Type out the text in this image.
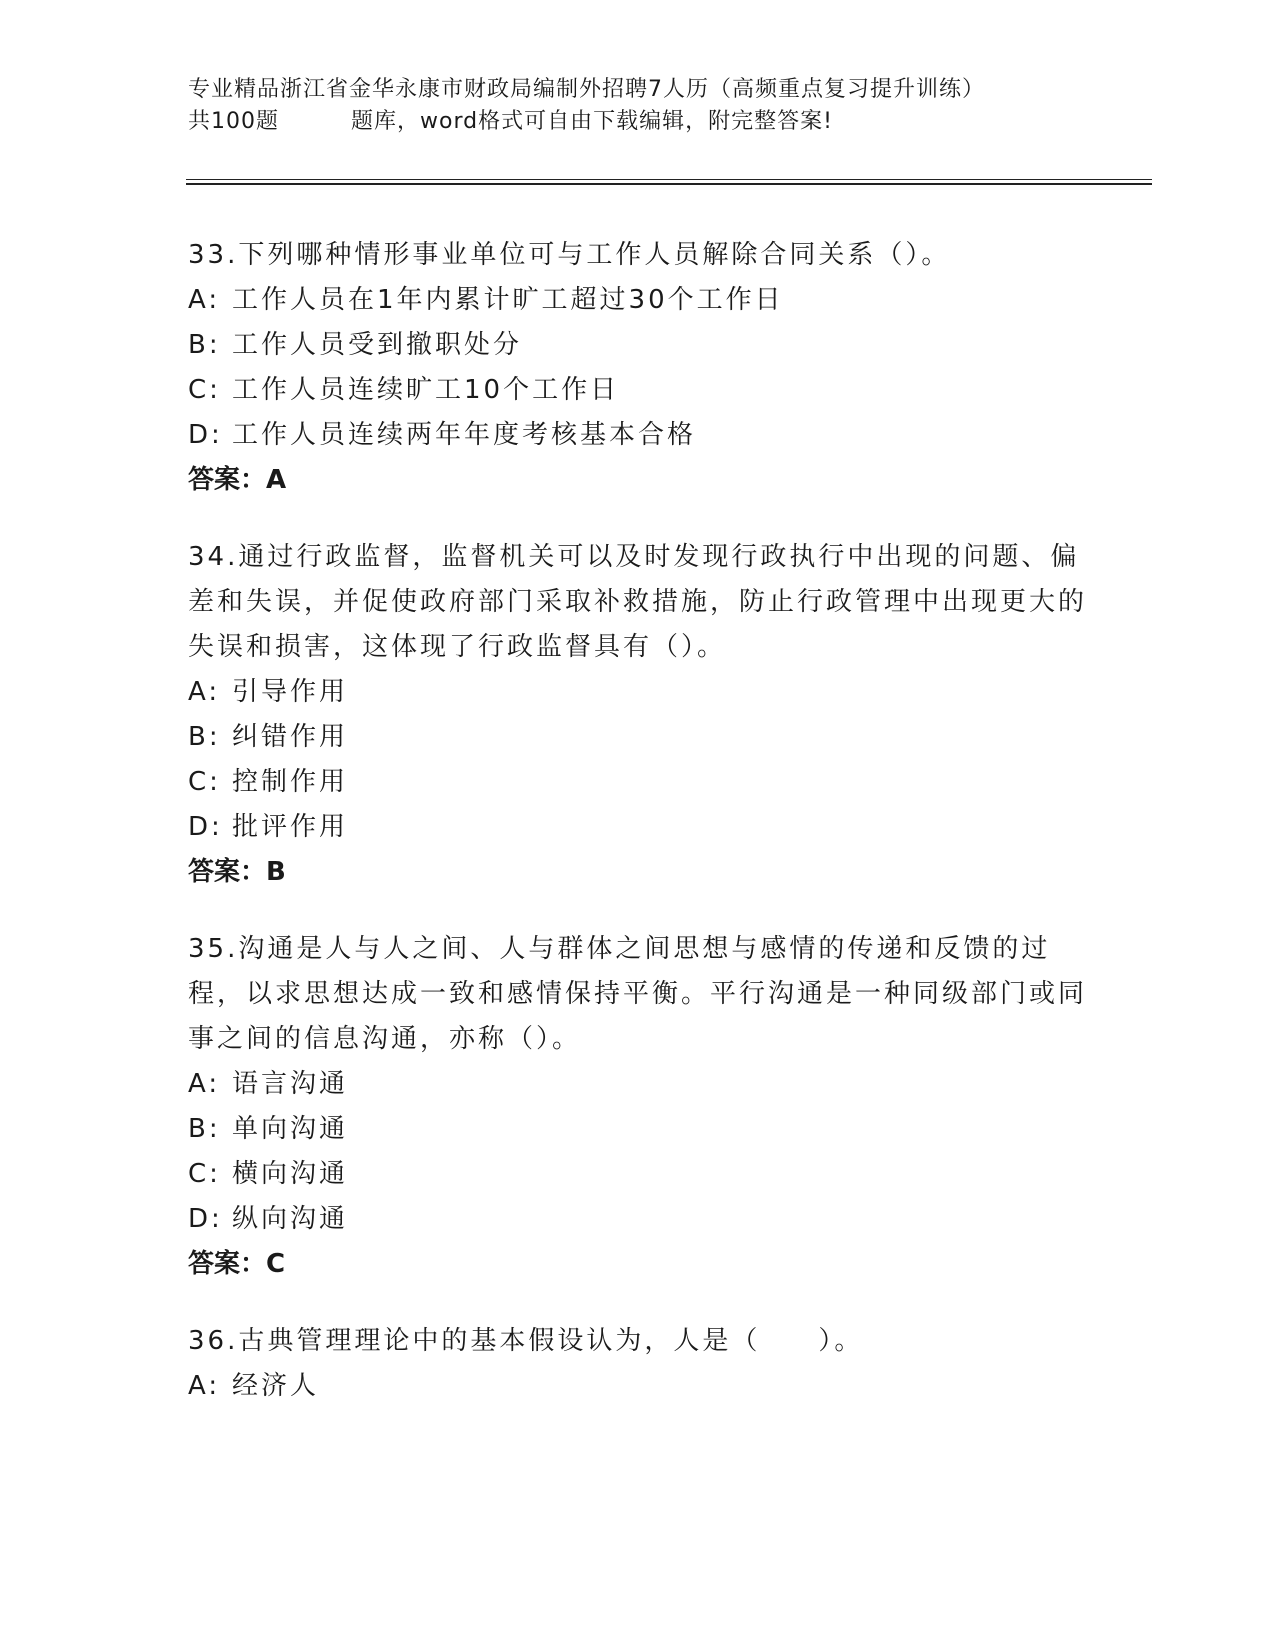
专业精品浙江省金华永康市财政局编制外招聘7人历（高频重点复习提升训练）
共100题	题库，word格式可自由下载编辑，附完整答案!
33.下列哪种情形事业单位可与工作人员解除合同关系（）。
A: 工作人员在1年内累计旷工超过30个工作日
B: 工作人员受到撤职处分
C: 工作人员连续旷工10个工作日
D: 工作人员连续两年年度考核基本合格
答案：A
34.通过行政监督，监督机关可以及时发现行政执行中出现的问题、偏差和失误，并促使政府部门采取补救措施，防止行政管理中出现更大的失误和损害，这体现了行政监督具有（）。
A: 引导作用
B: 纠错作用
C: 控制作用
D: 批评作用
答案：B
35.沟通是人与人之间、人与群体之间思想与感情的传递和反馈的过程，以求思想达成一致和感情保持平衡。平行沟通是一种同级部门或同事之间的信息沟通，亦称（）。
A: 语言沟通
B: 单向沟通
C: 横向沟通
D: 纵向沟通
答案：C
36.古典管理理论中的基本假设认为，人是（　　）。
A: 经济人
